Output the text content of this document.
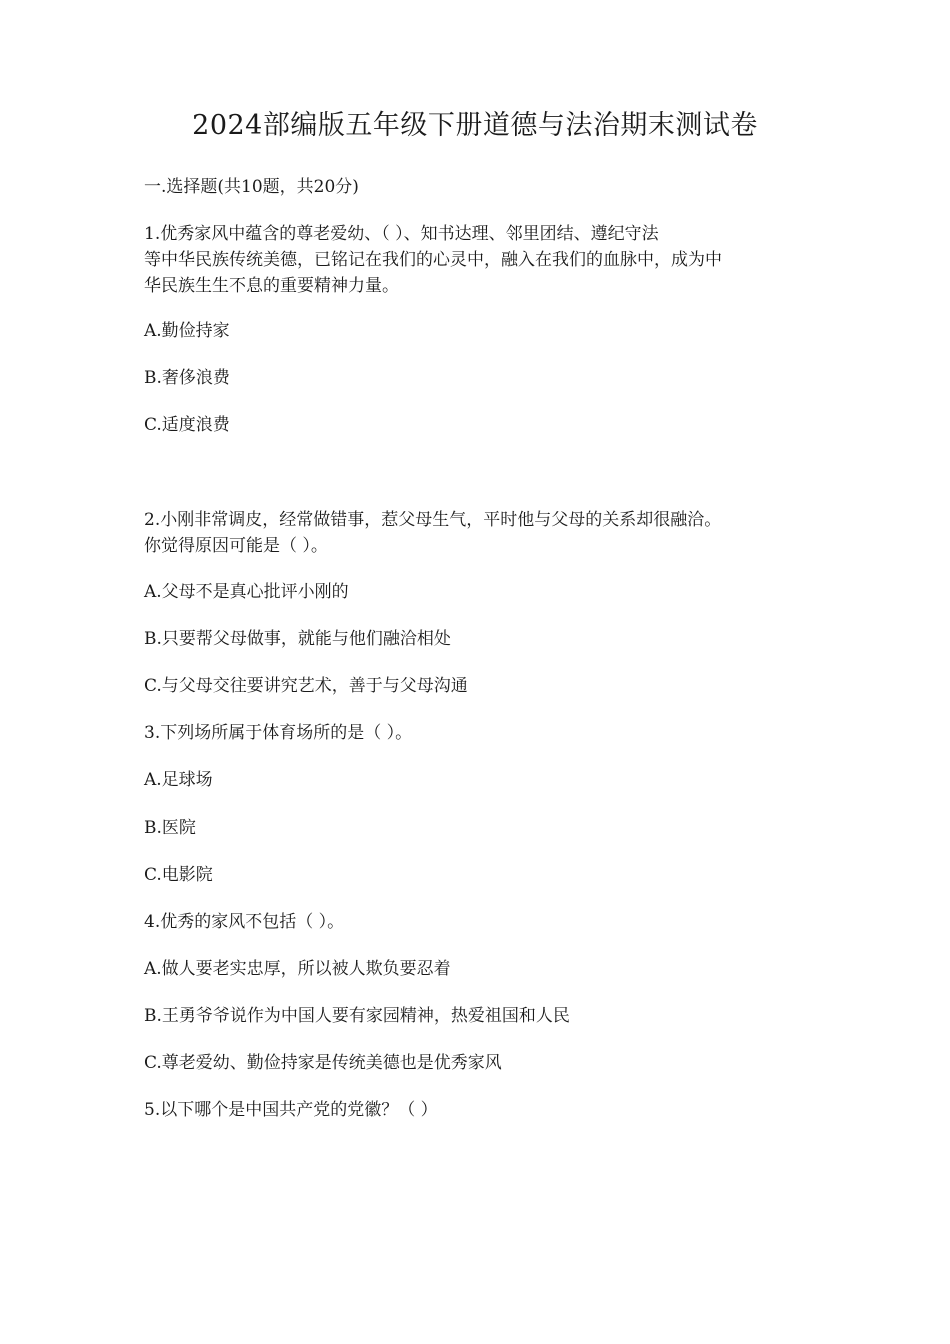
2024部编版五年级下册道德与法治期末测试卷
一.选择题(共10题，共20分)
1.优秀家风中蕴含的尊老爱幼、（ ）、知书达理、邻里团结、遵纪守法
等中华民族传统美德，已铭记在我们的心灵中，融入在我们的血脉中，成为中
华民族生生不息的重要精神力量。
A.勤俭持家
B.奢侈浪费
C.适度浪费
2.小刚非常调皮，经常做错事，惹父母生气，平时他与父母的关系却很融洽。
你觉得原因可能是（ ）。
A.父母不是真心批评小刚的
B.只要帮父母做事，就能与他们融洽相处
C.与父母交往要讲究艺术，善于与父母沟通
3.下列场所属于体育场所的是（ ）。
A.足球场
B.医院
C.电影院
4.优秀的家风不包括（ ）。
A.做人要老实忠厚，所以被人欺负要忍着
B.王勇爷爷说作为中国人要有家园精神，热爱祖国和人民
C.尊老爱幼、勤俭持家是传统美德也是优秀家风
5.以下哪个是中国共产党的党徽？（ ）
